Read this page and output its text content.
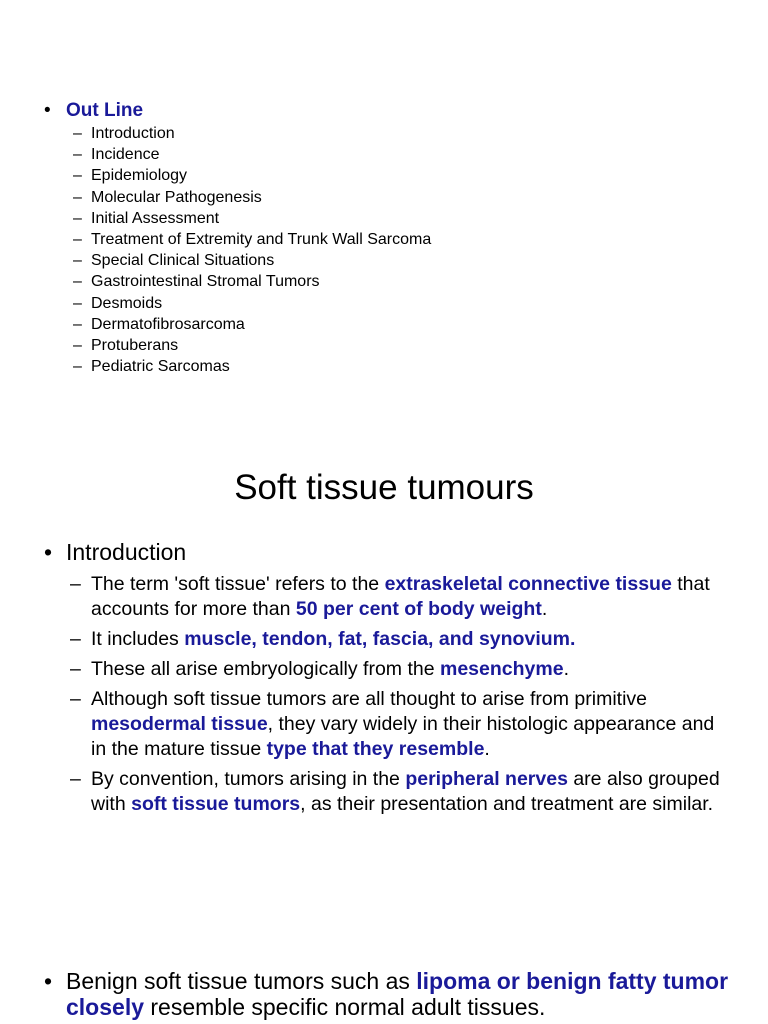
• Out Line
– Introduction
– Incidence
– Epidemiology
– Molecular Pathogenesis
– Initial Assessment
– Treatment of Extremity and Trunk Wall Sarcoma
– Special Clinical Situations
– Gastrointestinal Stromal Tumors
– Desmoids
– Dermatofibrosarcoma
– Protuberans
– Pediatric Sarcomas
Soft tissue tumours
• Introduction
– The term 'soft tissue' refers to the extraskeletal connective tissue that accounts for more than 50 per cent of body weight.
– It includes muscle, tendon, fat, fascia, and synovium.
– These all arise embryologically from the mesenchyme.
– Although soft tissue tumors are all thought to arise from primitive mesodermal tissue, they vary widely in their histologic appearance and in the mature tissue type that they resemble.
– By convention, tumors arising in the peripheral nerves are also grouped with soft tissue tumors, as their presentation and treatment are similar.
• Benign soft tissue tumors such as lipoma or benign fatty tumor closely resemble specific normal adult tissues.
